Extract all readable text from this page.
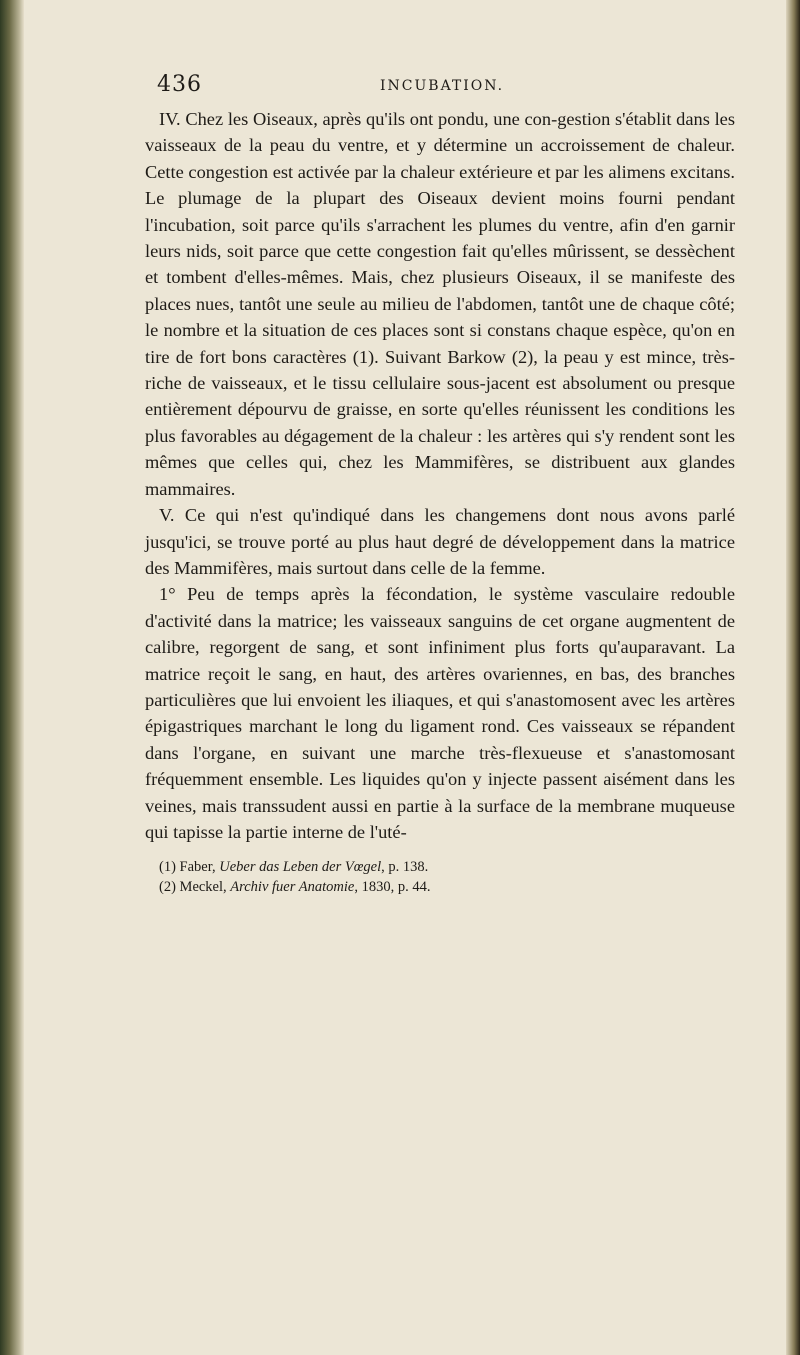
436	INCUBATION.

IV. Chez les Oiseaux, après qu'ils ont pondu, une con-gestion s'établit dans les vaisseaux de la peau du ventre, et y détermine un accroissement de chaleur. Cette congestion est activée par la chaleur extérieure et par les alimens excitans. Le plumage de la plupart des Oiseaux devient moins fourni pendant l'incubation, soit parce qu'ils s'arrachent les plumes du ventre, afin d'en garnir leurs nids, soit parce que cette congestion fait qu'elles mûrissent, se dessèchent et tombent d'elles-mêmes. Mais, chez plusieurs Oiseaux, il se manifeste des places nues, tantôt une seule au milieu de l'abdomen, tantôt une de chaque côté; le nombre et la situation de ces places sont si constans chaque espèce, qu'on en tire de fort bons caractères (1). Suivant Barkow (2), la peau y est mince, très-riche de vaisseaux, et le tissu cellulaire sous-jacent est absolument ou presque entièrement dépourvu de graisse, en sorte qu'elles réunissent les conditions les plus favorables au dégagement de la chaleur : les artères qui s'y rendent sont les mêmes que celles qui, chez les Mammifères, se distribuent aux glandes mammaires.

V. Ce qui n'est qu'indiqué dans les changemens dont nous avons parlé jusqu'ici, se trouve porté au plus haut degré de développement dans la matrice des Mammifères, mais surtout dans celle de la femme.

1° Peu de temps après la fécondation, le système vasculaire redouble d'activité dans la matrice; les vaisseaux sanguins de cet organe augmentent de calibre, regorgent de sang, et sont infiniment plus forts qu'auparavant. La matrice reçoit le sang, en haut, des artères ovariennes, en bas, des branches particulières que lui envoient les iliaques, et qui s'anastomosent avec les artères épigastriques marchant le long du ligament rond. Ces vaisseaux se répandent dans l'organe, en suivant une marche très-flexueuse et s'anastomosant fréquemment ensemble. Les liquides qu'on y injecte passent aisément dans les veines, mais transsudent aussi en partie à la surface de la membrane muqueuse qui tapisse la partie interne de l'uté-

(1) Faber, Ueber das Leben der Vœgel, p. 138.
(2) Meckel, Archiv fuer Anatomie, 1830, p. 44.
